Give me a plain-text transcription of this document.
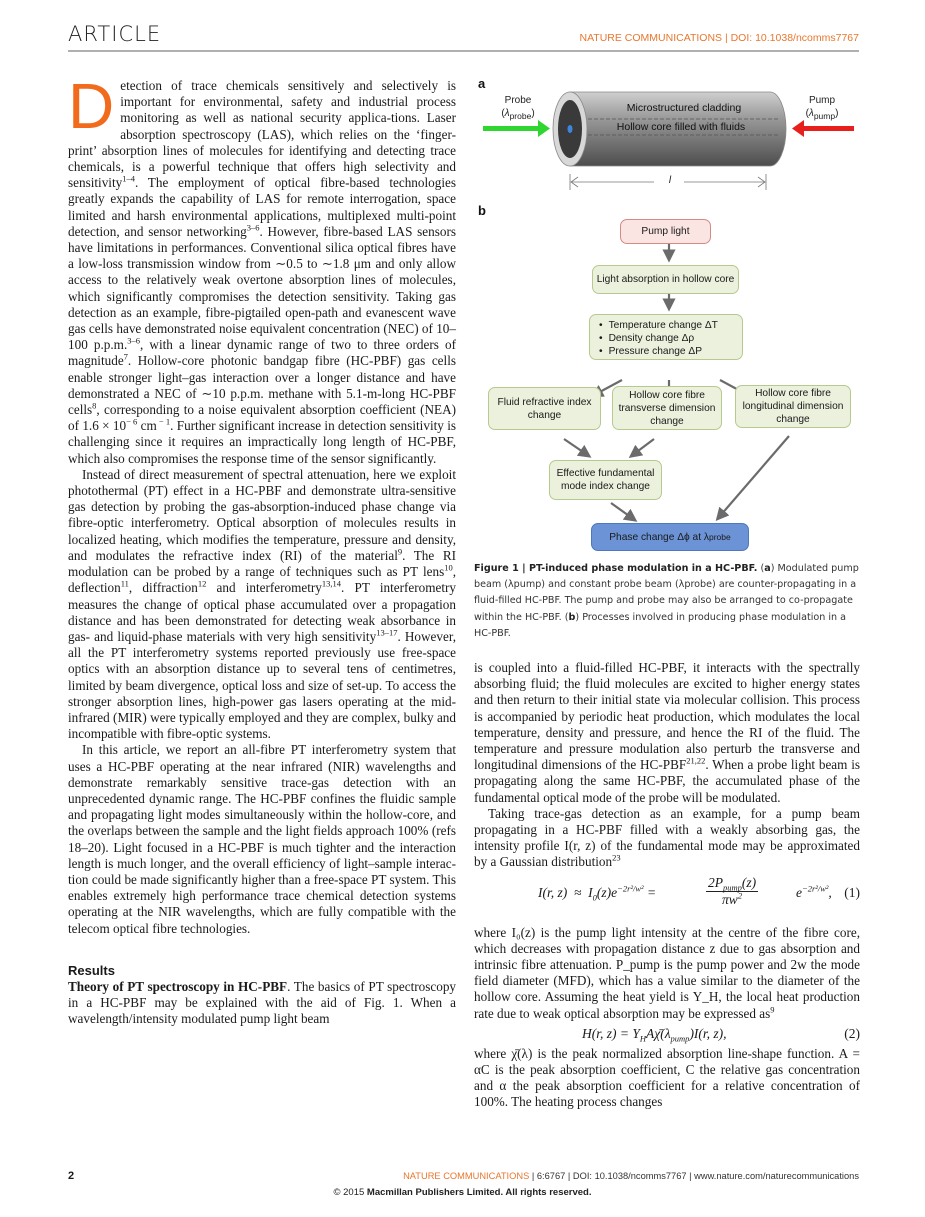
ARTICLE	NATURE COMMUNICATIONS | DOI: 10.1038/ncomms7767

Detection of trace chemicals sensitively and selectively is important for environmental, safety and industrial process monitoring as well as national security applica-tions. Laser absorption spectroscopy (LAS), which relies on the ‘finger-print’ absorption lines of molecules for identifying and detecting trace chemicals, is a powerful technique that offers high selectivity and sensitivity$^{1-4}$. The employment of optical fibre-based technologies greatly expands the capability of LAS for remote interrogation, space limited and harsh environmental applications, multiplexed multi-point detection, and sensor networking$^{3-6}$. However, fibre-based LAS sensors have limitations in performances. Conventional silica optical fibres have a low-loss transmission window from ∼0.5 to ∼1.8 μm and only allow access to the relatively weak overtone absorption lines of molecules, which significantly compromises the detection sensitivity. Taking gas detection as an example, fibre-pigtailed open-path and evanescent wave gas cells have demonstrated noise equivalent concentration (NEC) of 10–100 p.p.m.$^{3-6}$, with a linear dynamic range of two to three orders of magnitude$^7$. Hollow-core photonic bandgap fibre (HC-PBF) gas cells enable stronger light–gas interaction over a longer distance and have demonstrated a NEC of ∼10 p.p.m. methane with 5.1-m-long HC-PBF cells$^8$, corresponding to a noise equivalent absorption coefficient (NEA) of $1.6 \times 10^{- 6}$ cm $^{- 1}$. Further significant increase in detection sensitivity is challenging since it requires an impractically long length of HC-PBF, which also compromises the response time of the sensor significantly.

Instead of direct measurement of spectral attenuation, here we exploit photothermal (PT) effect in a HC-PBF and demonstrate ultra-sensitive gas detection by probing the gas-absorption-induced phase change via fibre-optic interferometry. Optical absorption of molecules results in localized heating, which modifies the temperature, pressure and density, and modulates the refractive index (RI) of the material$^9$. The RI modulation can be probed by a range of techniques such as PT lens$^{10}$, deflection$^{11}$, diffraction$^{12}$ and interferometry$^{13,14}$. PT interferometry measures the change of optical phase accumulated over a propagation distance and has been demonstrated for detecting weak absorbance in gas- and liquid-phase materials with very high sensitivity$^{13-17}$. However, all the PT interferometry systems reported previously use free-space optics with an absorption distance up to several tens of centimetres, limited by beam divergence, optical loss and size of set-up. To access the stronger absorption lines, high-power gas lasers operating at the mid-infrared (MIR) were typically employed and they are complex, bulky and incompatible with fibre-optic systems.

In this article, we report an all-fibre PT interferometry system that uses a HC-PBF operating at the near infrared (NIR) wavelengths and demonstrate remarkably sensitive trace-gas detection with an unprecedented dynamic range. The HC-PBF confines the fluidic sample and propagating light modes simultaneously within the hollow-core, and the overlaps between the sample and the light fields approach 100% (refs 18–20). Light focused in a HC-PBF is much tighter and the interaction length is much longer, and the overall efficiency of light–sample interac-tion could be made significantly higher than a free-space PT system. This enables extremely high performance trace chemical detection systems operating at the NIR wavelengths, which are fully compatible with the telecom optical fibre technologies.

Results

Theory of PT spectroscopy in HC-PBF. The basics of PT spectroscopy in a HC-PBF may be explained with the aid of Fig. 1. When a wavelength/intensity modulated pump light beam

a
Probe
$(\lambda_{probe})$
Pump
$(\lambda_{pump})$
Microstructured cladding
Hollow core filled with fluids
l
b
Pump light
Light absorption in hollow core
• Temperature change ΔT
• Density change Δρ
• Pressure change ΔP
Fluid refractive index change
Hollow core fibre transverse dimension change
Hollow core fibre longitudinal dimension change
Effective fundamental mode index change
Phase change Δϕ at λ probe
Figure 1 | PT-induced phase modulation in a HC-PBF. (a) Modulated pump beam (λpump) and constant probe beam (λprobe) are counter-propagating in a fluid-filled HC-PBF. The pump and probe may also be arranged to co-propagate within the HC-PBF. (b) Processes involved in producing phase modulation in a HC-PBF.

is coupled into a fluid-filled HC-PBF, it interacts with the spectrally absorbing fluid; the fluid molecules are excited to higher energy states and then return to their initial state via molecular collision. This process is accompanied by periodic heat production, which modulates the local temperature, density and pressure, and hence the RI of the fluid. The temperature and pressure modulation also perturb the transverse and longitudinal dimensions of the HC-PBF$^{21,22}$. When a probe light beam is propagating along the same HC-PBF, the accumulated phase of the fundamental optical mode of the probe will be modulated.

Taking trace-gas detection as an example, for a pump beam propagating in a HC-PBF filled with a weakly absorbing gas, the intensity profile I(r, z) of the fundamental mode may be approximated by a Gaussian distribution$^{23}$

I(r, $z) \approx I_0(z)e^{-2r^2/w^2}$ =
$2P_{pump}(z)$
$\pi w^2$	$e^{-2r^2/w^2}$, (1)

where I₀(z) is the pump light intensity at the centre of the fibre core, which decreases with propagation distance z due to gas absorption and intrinsic fibre attenuation. P_pump is the pump power and 2w the mode field diameter (MFD), which has a value similar to the diameter of the hollow core. Assuming the heat yield is Y_H, the local heat production rate due to weak optical absorption may be expressed $as^9$

H(r, $z) = Y_HA\chī(\lambda_{pump})I(r$, z),	(2)

where χ̄(λ) is the peak normalized absorption line-shape function. A = αC is the peak absorption coefficient, C the relative gas concentration and α the peak absorption coefficient for a relative concentration of 100%. The heating process changes

2	NATURE COMMUNICATIONS | 6:6767 | DOI: 10.1038/ncomms7767 | www.nature.com/naturecommunications
© 2015 Macmillan Publishers Limited. All rights reserved.
